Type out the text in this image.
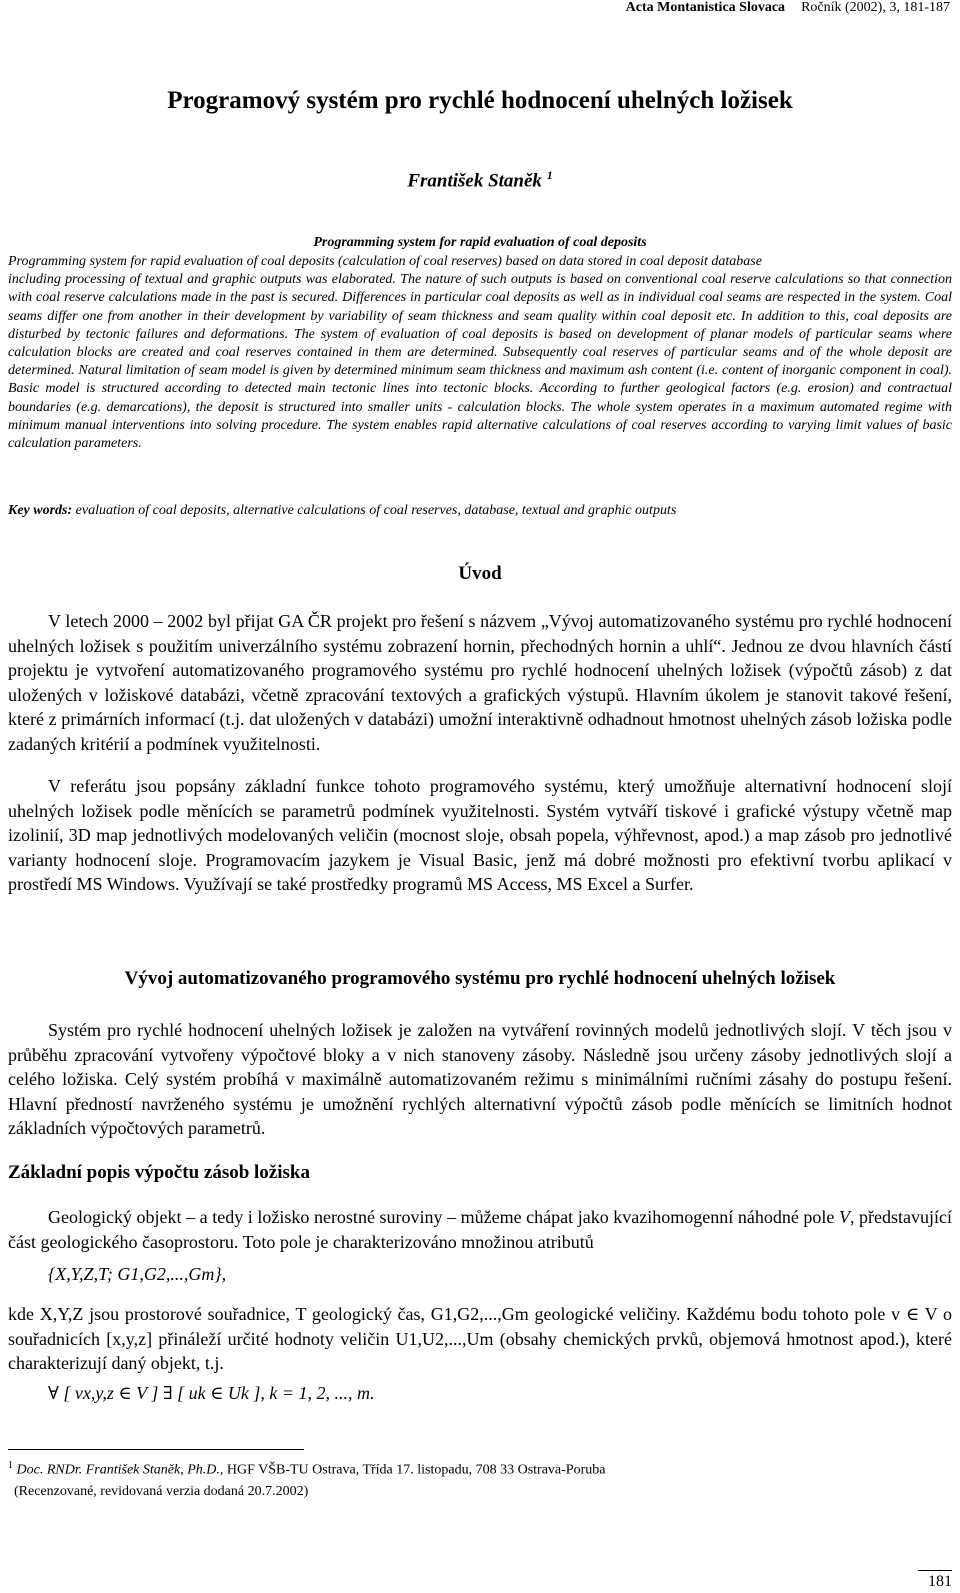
Acta Montanistica Slovaca Ročník (2002), 3, 181-187
Programový systém pro rychlé hodnocení uhelných ložisek
František Staněk $^1$
Programming system for rapid evaluation of coal deposits

Programming system for rapid evaluation of coal deposits (calculation of coal reserves) based on data stored in coal deposit database
including processing of textual and graphic outputs was elaborated. The nature of such outputs is based on conventional coal reserve calculations so that connection with coal reserve calculations made in the past is secured. Differences in particular coal deposits as well as in individual coal seams are respected in the system. Coal seams differ one from another in their development by variability of seam thickness and seam quality within coal deposit etc. In addition to this, coal deposits are disturbed by tectonic failures and deformations. The system of evaluation of coal deposits is based on development of planar models of particular seams where calculation blocks are created and coal reserves contained in them are determined. Subsequently coal reserves of particular seams and of the whole deposit are determined. Natural limitation of seam model is given by determined minimum seam thickness and maximum ash content (i.e. content of inorganic component in coal). Basic model is structured according to detected main tectonic lines into tectonic blocks. According to further geological factors (e.g. erosion) and contractual boundaries (e.g. demarcations), the deposit is structured into smaller units - calculation blocks. The whole system operates in a maximum automated regime with minimum manual interventions into solving procedure. The system enables rapid alternative calculations of coal reserves according to varying limit values of basic calculation parameters.

Key words: evaluation of coal deposits, alternative calculations of coal reserves, database, textual and graphic outputs
Úvod

V letech 2000 – 2002 byl přijat GA ČR projekt pro řešení s názvem „Vývoj automatizovaného systému pro rychlé hodnocení uhelných ložisek s použitím univerzálního systému zobrazení hornin, přechodných hornin a uhlí“. Jednou ze dvou hlavních částí projektu je vytvoření automatizovaného programového systému pro rychlé hodnocení uhelných ložisek (výpočtů zásob) z dat uložených v ložiskové databázi, včetně zpracování textových a grafických výstupů. Hlavním úkolem je stanovit takové řešení, které z primárních informací (t.j. dat uložených v databázi) umožní interaktivně odhadnout hmotnost uhelných zásob ložiska podle zadaných kritérií a podmínek využitelnosti.

V referátu jsou popsány základní funkce tohoto programového systému, který umožňuje alternativní hodnocení slojí uhelných ložisek podle měnících se parametrů podmínek využitelnosti. Systém vytváří tiskové i grafické výstupy včetně map izolinií, 3D map jednotlivých modelovaných veličin (mocnost sloje, obsah popela, výhřevnost, apod.) a map zásob pro jednotlivé varianty hodnocení sloje. Programovacím jazykem je Visual Basic, jenž má dobré možnosti pro efektivní tvorbu aplikací v prostředí MS Windows. Využívají se také prostředky programů MS Access, MS Excel a Surfer.

Vývoj automatizovaného programového systému pro rychlé hodnocení uhelných ložisek

Systém pro rychlé hodnocení uhelných ložisek je založen na vytváření rovinných modelů jednotlivých slojí. V těch jsou v průběhu zpracování vytvořeny výpočtové bloky a v nich stanoveny zásoby. Následně jsou určeny zásoby jednotlivých slojí a celého ložiska. Celý systém probíhá v maximálně automatizovaném režimu s minimálními ručními zásahy do postupu řešení. Hlavní předností navrženého systému je umožnění rychlých alternativní výpočtů zásob podle měnících se limitních hodnot základních výpočtových parametrů.

Základní popis výpočtu zásob ložiska

Geologický objekt – a tedy i ložisko nerostné suroviny – můžeme chápat jako kvazihomogenní náhodné pole V, představující část geologického časoprostoru. Toto pole je charakterizováno množinou atributů

{X,Y,Z,T; G1,G2,...,Gm},

kde X,Y,Z jsou prostorové souřadnice, T geologický čas, G1,G2,...,Gm geologické veličiny. Každému bodu tohoto pole v ∈ V o souřadnicích [x,y,z] přináleží určité hodnoty veličin U1,U2,...,Um (obsahy chemických prvků, objemová hmotnost apod.), které charakterizují daný objekt, t.j.

∀ [ vx,y,z ∈ V ] ∃ [ uk ∈ Uk ], k = 1, 2, ..., m.
$^1$ Doc. RNDr. František Staněk, Ph.D., HGF VŠB-TU Ostrava, Třída 17. listopadu, 708 33 Ostrava-Poruba
(Recenzované, revidovaná verzia dodaná 20.7.2002)
181
